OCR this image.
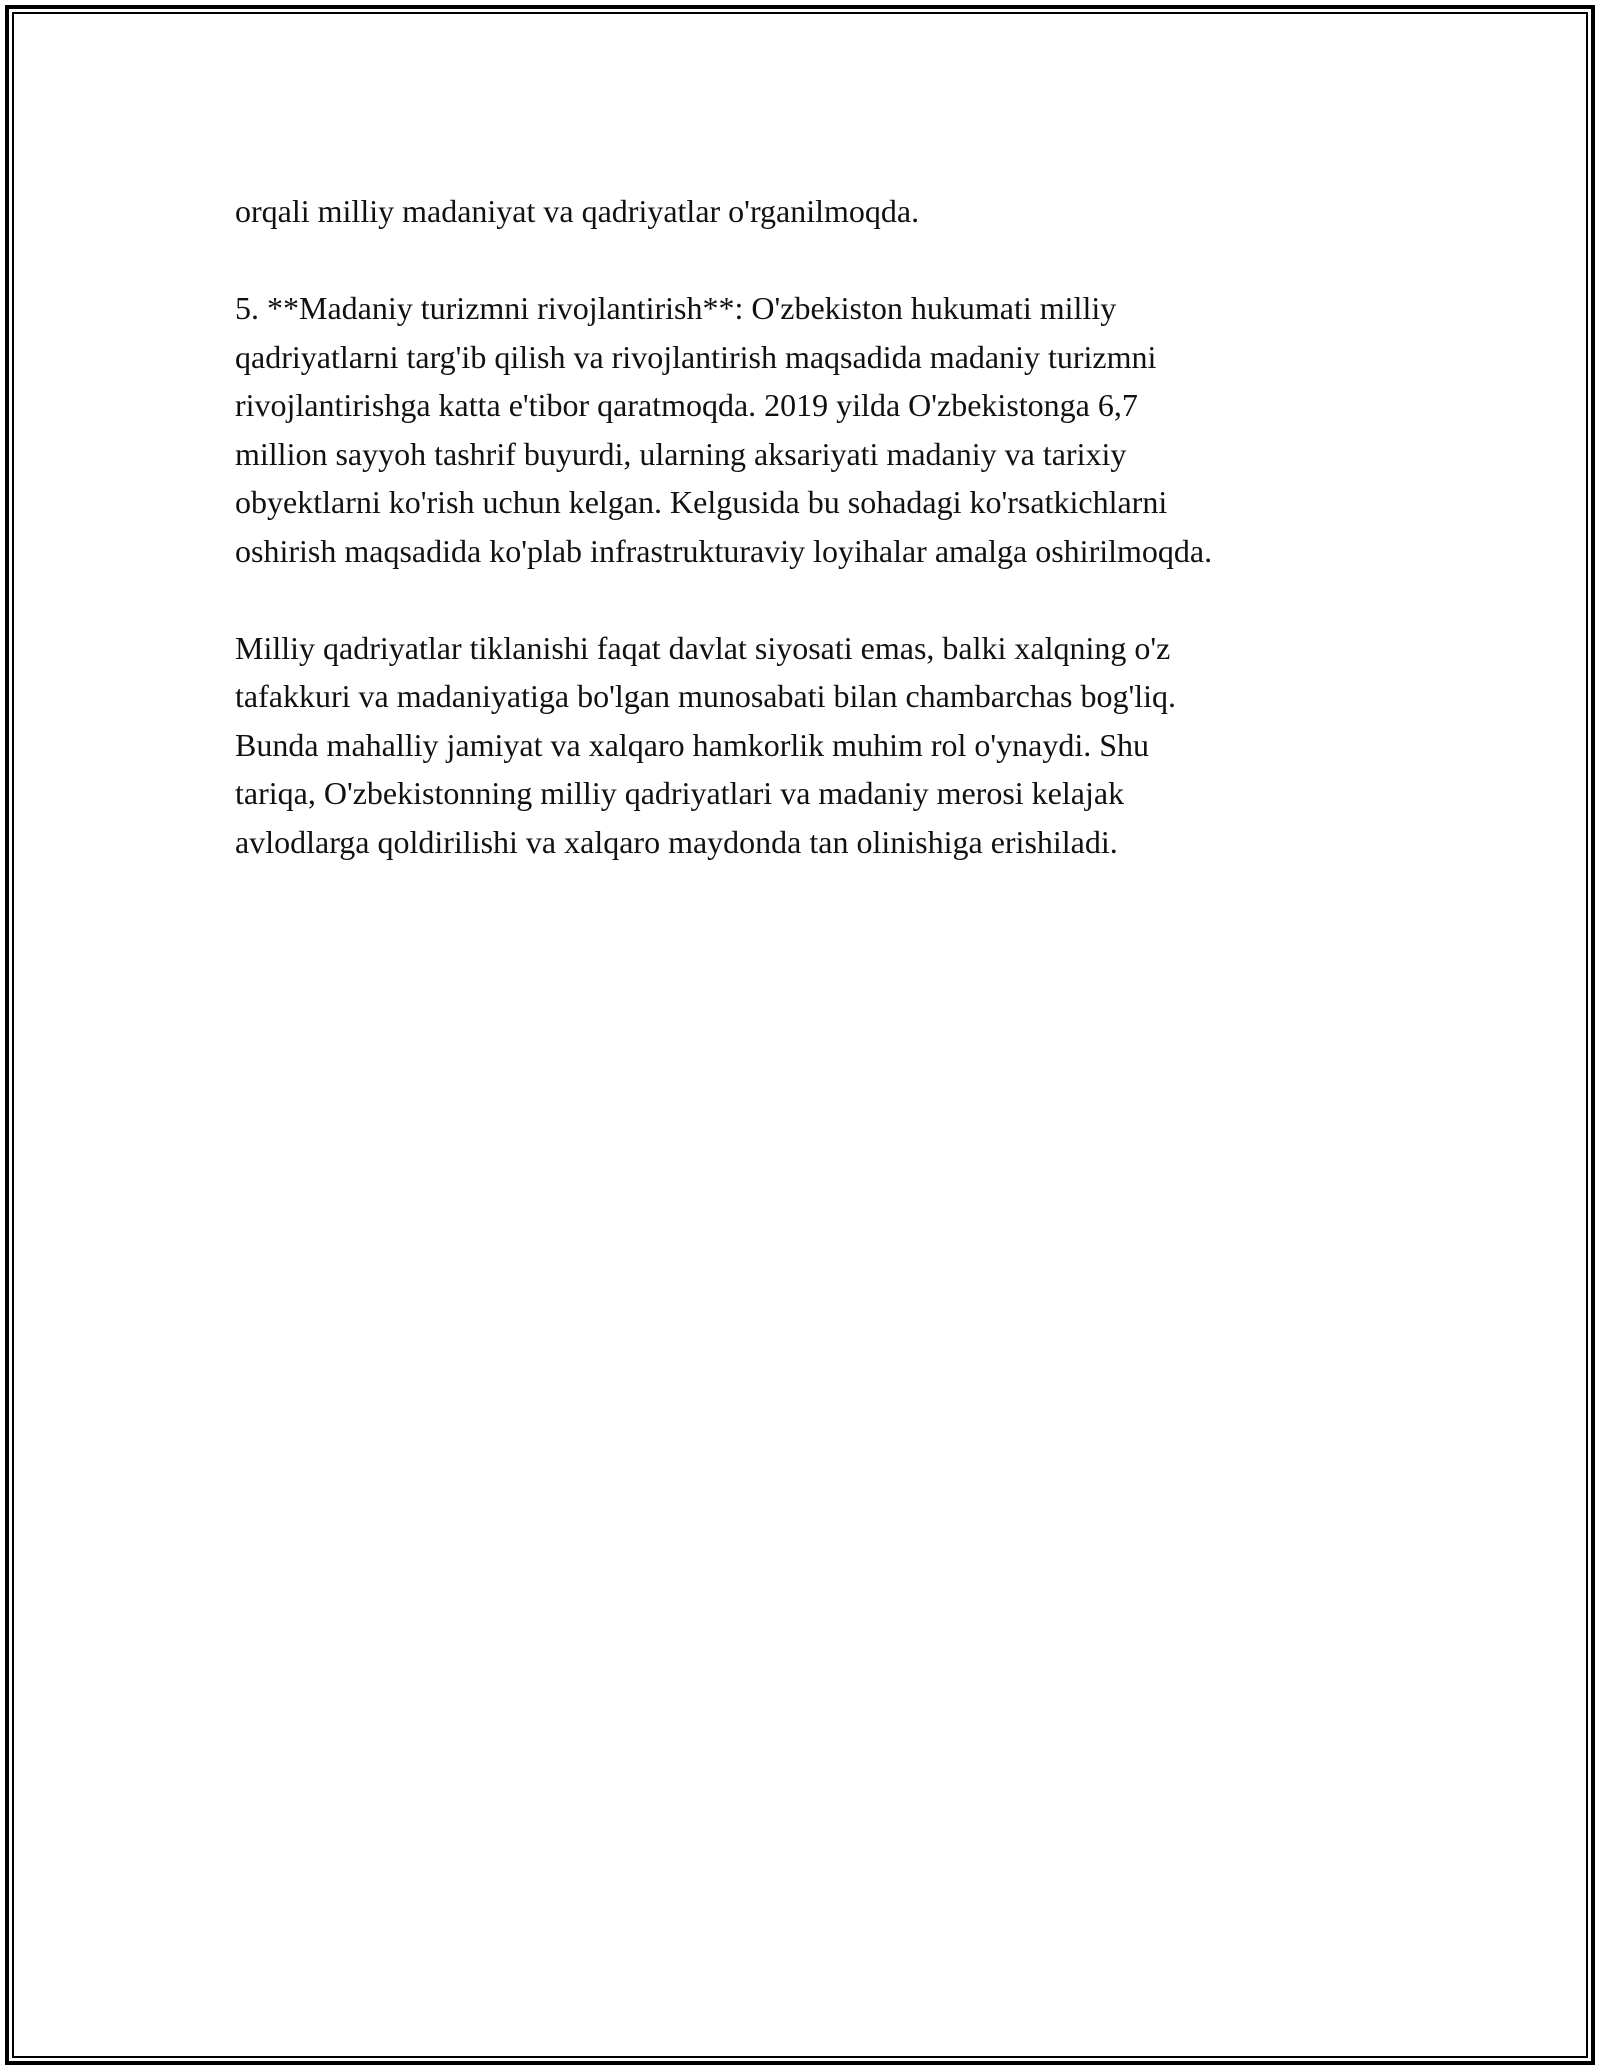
orqali milliy madaniyat va qadriyatlar o'rganilmoqda.
5. **Madaniy turizmni rivojlantirish**: O'zbekiston hukumati milliy
qadriyatlarni targ'ib qilish va rivojlantirish maqsadida madaniy turizmni
rivojlantirishga katta e'tibor qaratmoqda. 2019 yilda O'zbekistonga 6,7
million sayyoh tashrif buyurdi, ularning aksariyati madaniy va tarixiy
obyektlarni ko'rish uchun kelgan. Kelgusida bu sohadagi ko'rsatkichlarni
oshirish maqsadida ko'plab infrastrukturaviy loyihalar amalga oshirilmoqda.
Milliy qadriyatlar tiklanishi faqat davlat siyosati emas, balki xalqning o'z
tafakkuri va madaniyatiga bo'lgan munosabati bilan chambarchas bog'liq.
Bunda mahalliy jamiyat va xalqaro hamkorlik muhim rol o'ynaydi. Shu
tariqa, O'zbekistonning milliy qadriyatlari va madaniy merosi kelajak
avlodlarga qoldirilishi va xalqaro maydonda tan olinishiga erishiladi.
